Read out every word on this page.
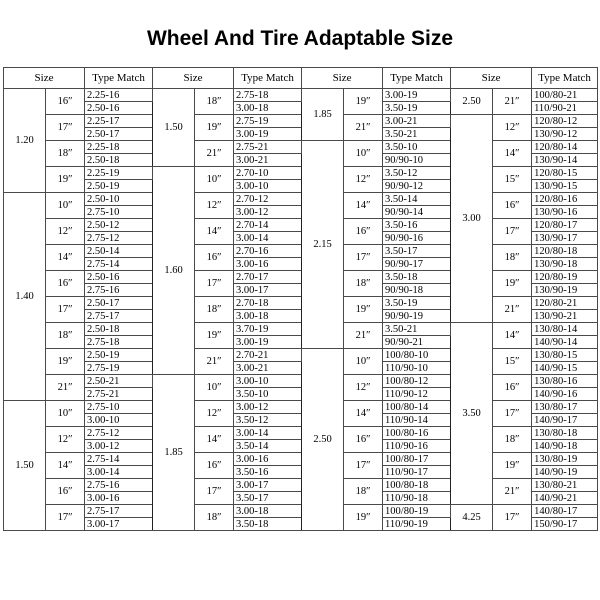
Wheel And Tire Adaptable Size
Size		Type Match	Size		Type Match	Size		Type Match	Size		Type Match
1.20	16″	2.25-16	1.50	18″	2.75-18	1.85	19″	3.00-19	2.50	21″	100/80-21
		2.50-16			3.00-18			3.50-19			110/90-21
	17″	2.25-17		19″	2.75-19		21″	3.00-21	3.00	12″	120/80-12
		2.50-17			3.00-19			3.50-21			130/90-12
	18″	2.25-18		21″	2.75-21	2.15	10″	3.50-10		14″	120/80-14
		2.50-18			3.00-21			90/90-10			130/90-14
	19″	2.25-19	1.60	10″	2.70-10		12″	3.50-12		15″	120/80-15
		2.50-19			3.00-10			90/90-12			130/90-15
1.40	10″	2.50-10		12″	2.70-12		14″	3.50-14		16″	120/80-16
		2.75-10			3.00-12			90/90-14			130/90-16
	12″	2.50-12		14″	2.70-14		16″	3.50-16		17″	120/80-17
		2.75-12			3.00-14			90/90-16			130/90-17
	14″	2.50-14		16″	2.70-16		17″	3.50-17		18″	120/80-18
		2.75-14			3.00-16			90/90-17			130/90-18
	16″	2.50-16		17″	2.70-17		18″	3.50-18		19″	120/80-19
		2.75-16			3.00-17			90/90-18			130/90-19
	17″	2.50-17		18″	2.70-18		19″	3.50-19		21″	120/80-21
		2.75-17			3.00-18			90/90-19			130/90-21
	18″	2.50-18		19″	3.70-19		21″	3.50-21	3.50	14″	130/80-14
		2.75-18			3.00-19			90/90-21			140/90-14
	19″	2.50-19		21″	2.70-21	2.50	10″	100/80-10		15″	130/80-15
		2.75-19			3.00-21			110/90-10			140/90-15
	21″	2.50-21	1.85	10″	3.00-10		12″	100/80-12		16″	130/80-16
		2.75-21			3.50-10			110/90-12			140/90-16
1.50	10″	2.75-10		12″	3.00-12		14″	100/80-14		17″	130/80-17
		3.00-10			3.50-12			110/90-14			140/90-17
	12″	2.75-12		14″	3.00-14		16″	100/80-16		18″	130/80-18
		3.00-12			3.50-14			110/90-16			140/90-18
	14″	2.75-14		16″	3.00-16		17″	100/80-17		19″	130/80-19
		3.00-14			3.50-16			110/90-17			140/90-19
	16″	2.75-16		17″	3.00-17		18″	100/80-18		21″	130/80-21
		3.00-16			3.50-17			110/90-18			140/90-21
	17″	2.75-17		18″	3.00-18		19″	100/80-19	4.25	17″	140/80-17
		3.00-17			3.50-18			110/90-19			150/90-17
